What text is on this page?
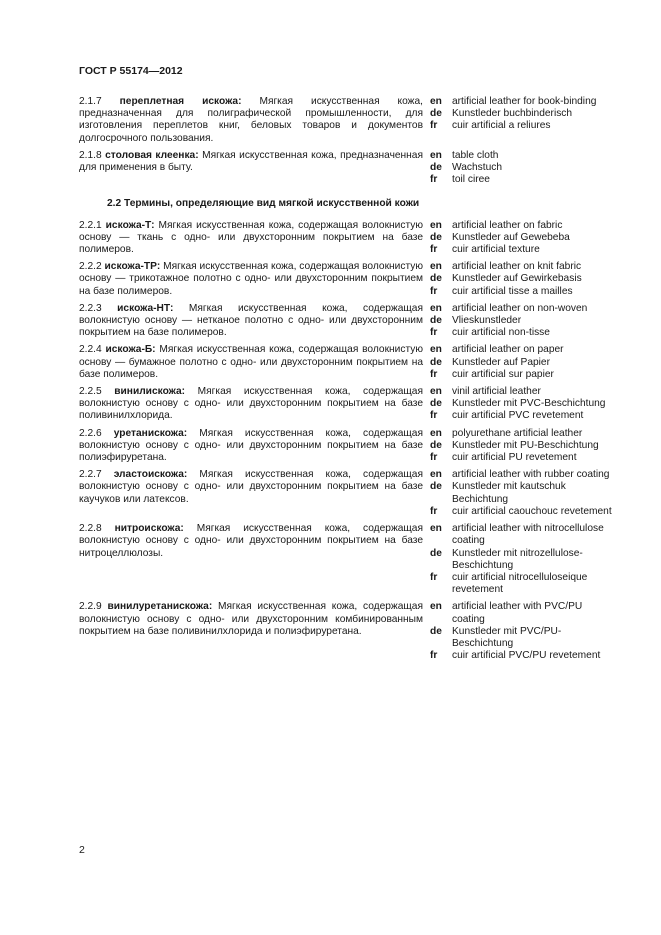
ГОСТ Р 55174—2012
2.1.7 переплетная искожа: Мягкая искусственная кожа, предназначенная для полиграфической промышленности, для изготовления переплетов книг, беловых товаров и документов долгосрочного пользования.
en artificial leather for book-binding
de Kunstleder buchbinderisch
fr	cuir artificial a reliures
2.1.8 столовая клеенка: Мягкая искусственная кожа, предназначенная для применения в быту.
en table cloth
de Wachstuch
fr	toil ciree
2.2 Термины, определяющие вид мягкой искусственной кожи
2.2.1 искожа-Т: Мягкая искусственная кожа, содержащая волокнистую основу — ткань с одно- или двухсторонним покрытием на базе полимеров.
en artificial leather on fabric
de Kunstleder auf Gewebeba
fr	cuir artificial texture
2.2.2 искожа-ТР: Мягкая искусственная кожа, содержащая волокнистую основу — трикотажное полотно с одно- или двухсторонним покрытием на базе полимеров.
en artificial leather on knit fabric
de Kunstleder auf Gewirkebasis
fr	cuir artificial tisse a mailles
2.2.3 искожа-НТ: Мягкая искусственная кожа, содержащая волокнистую основу — нетканое полотно с одно- или двухсторонним покрытием на базе полимеров.
en artificial leather on non-woven
de Vlieskunstleder
fr	cuir artificial non-tisse
2.2.4 искожа-Б: Мягкая искусственная кожа, содержащая волокнистую основу — бумажное полотно с одно- или двухсторонним покрытием на базе полимеров.
en artificial leather on paper
de Kunstleder auf Papier
fr	cuir artificial sur papier
2.2.5 винилискожа: Мягкая искусственная кожа, содержащая волокнистую основу с одно- или двухсторонним покрытием на базе поливинилхлорида.
en vinil artificial leather
de Kunstleder mit PVC-Beschichtung
fr	cuir artificial PVC revetement
2.2.6 уретанискожа: Мягкая искусственная кожа, содержащая волокнистую основу с одно- или двухсторонним покрытием на базе полиэфируретана.
en polyurethane artificial leather
de Kunstleder mit PU-Beschichtung
fr	cuir artificial PU revetement
2.2.7 эластоискожа: Мягкая искусственная кожа, содержащая волокнистую основу с одно- или двухсторонним покрытием на базе каучуков или латексов.
en artificial leather with rubber coating
de Kunstleder mit kautschuk Bechichtung
fr	cuir artificial caouchouc revetement
2.2.8 нитроискожа: Мягкая искусственная кожа, содержащая волокнистую основу с одно- или двухсторонним покрытием на базе нитроцеллюлозы.
en artificial leather with nitrocellulose coating
de Kunstleder mit nitrozellulose-Beschichtung
fr	cuir artificial nitrocelluloseique revetement
2.2.9 винилуретанискожа: Мягкая искусственная кожа, содержащая волокнистую основу с одно- или двухсторонним комбинированным покрытием на базе поливинилхлорида и полиэфируретана.
en artificial leather with PVC/PU coating
de Kunstleder mit PVC/PU-Beschichtung
fr	cuir artificial PVC/PU revetement
2
